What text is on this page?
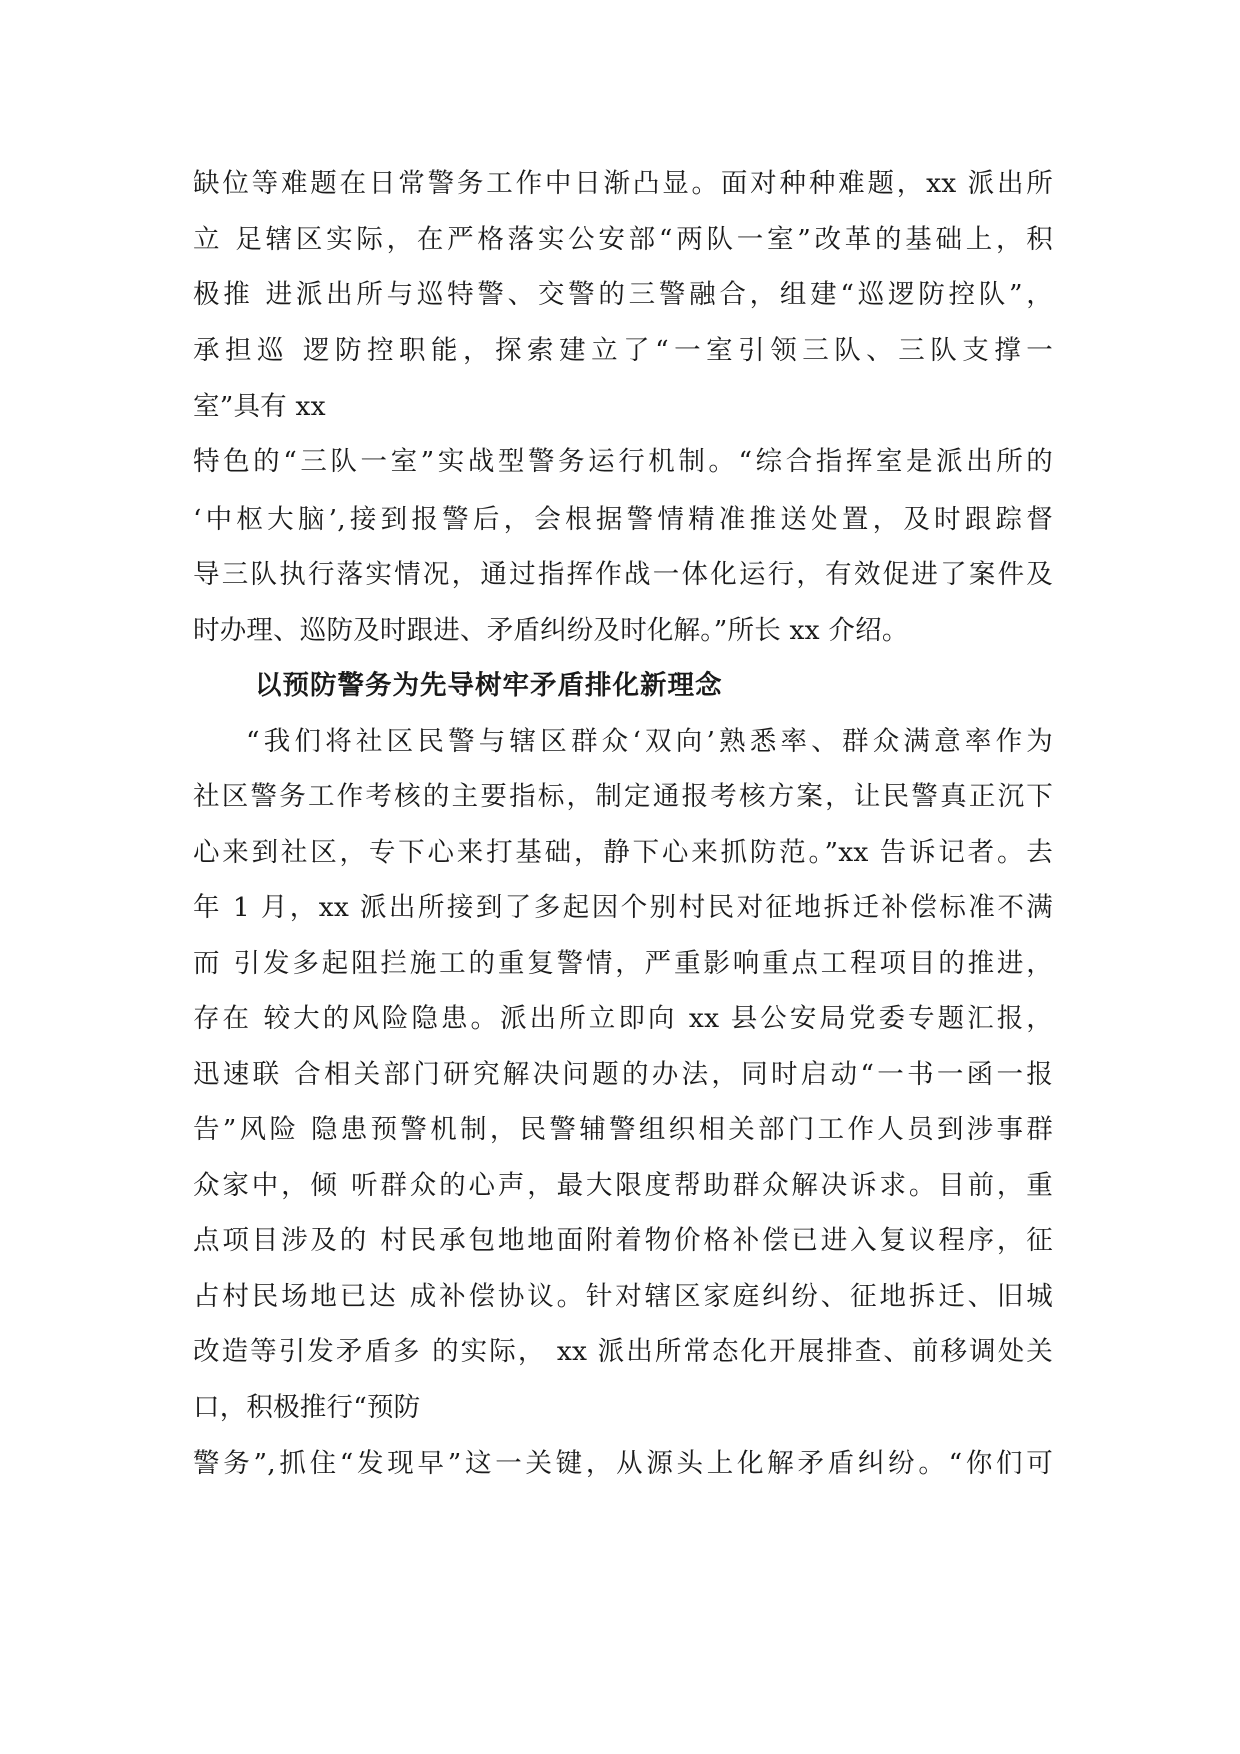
缺位等难题在日常警务工作中日渐凸显。面对种种难题，xx 派出所
立 足辖区实际，在严格落实公安部“两队一室”改革的基础上，积
极推 进派出所与巡特警、交警的三警融合，组建“巡逻防控队”，
承担巡 逻防控职能，探索建立了“一室引领三队、三队支撑一
室”具有 xx
特色的“三队一室”实战型警务运行机制。“综合指挥室是派出所的
‘中枢大脑’,接到报警后，会根据警情精准推送处置，及时跟踪督
导三队执行落实情况，通过指挥作战一体化运行，有效促进了案件及
时办理、巡防及时跟进、矛盾纠纷及时化解。”所长 xx 介绍。
以预防警务为先导树牢矛盾排化新理念
“我们将社区民警与辖区群众‘双向’熟悉率、群众满意率作为
社区警务工作考核的主要指标，制定通报考核方案，让民警真正沉下
心来到社区，专下心来打基础，静下心来抓防范。”xx 告诉记者。去
年 1 月，xx 派出所接到了多起因个别村民对征地拆迁补偿标准不满
而 引发多起阻拦施工的重复警情，严重影响重点工程项目的推进，
存在 较大的风险隐患。派出所立即向 xx 县公安局党委专题汇报，
迅速联 合相关部门研究解决问题的办法，同时启动“一书一函一报
告”风险 隐患预警机制，民警辅警组织相关部门工作人员到涉事群
众家中，倾 听群众的心声，最大限度帮助群众解决诉求。目前，重
点项目涉及的 村民承包地地面附着物价格补偿已进入复议程序，征
占村民场地已达 成补偿协议。针对辖区家庭纠纷、征地拆迁、旧城
改造等引发矛盾多 的实际， xx 派出所常态化开展排查、前移调处关
口，积极推行“预防
警务”,抓住“发现早”这一关键，从源头上化解矛盾纠纷。“你们可
